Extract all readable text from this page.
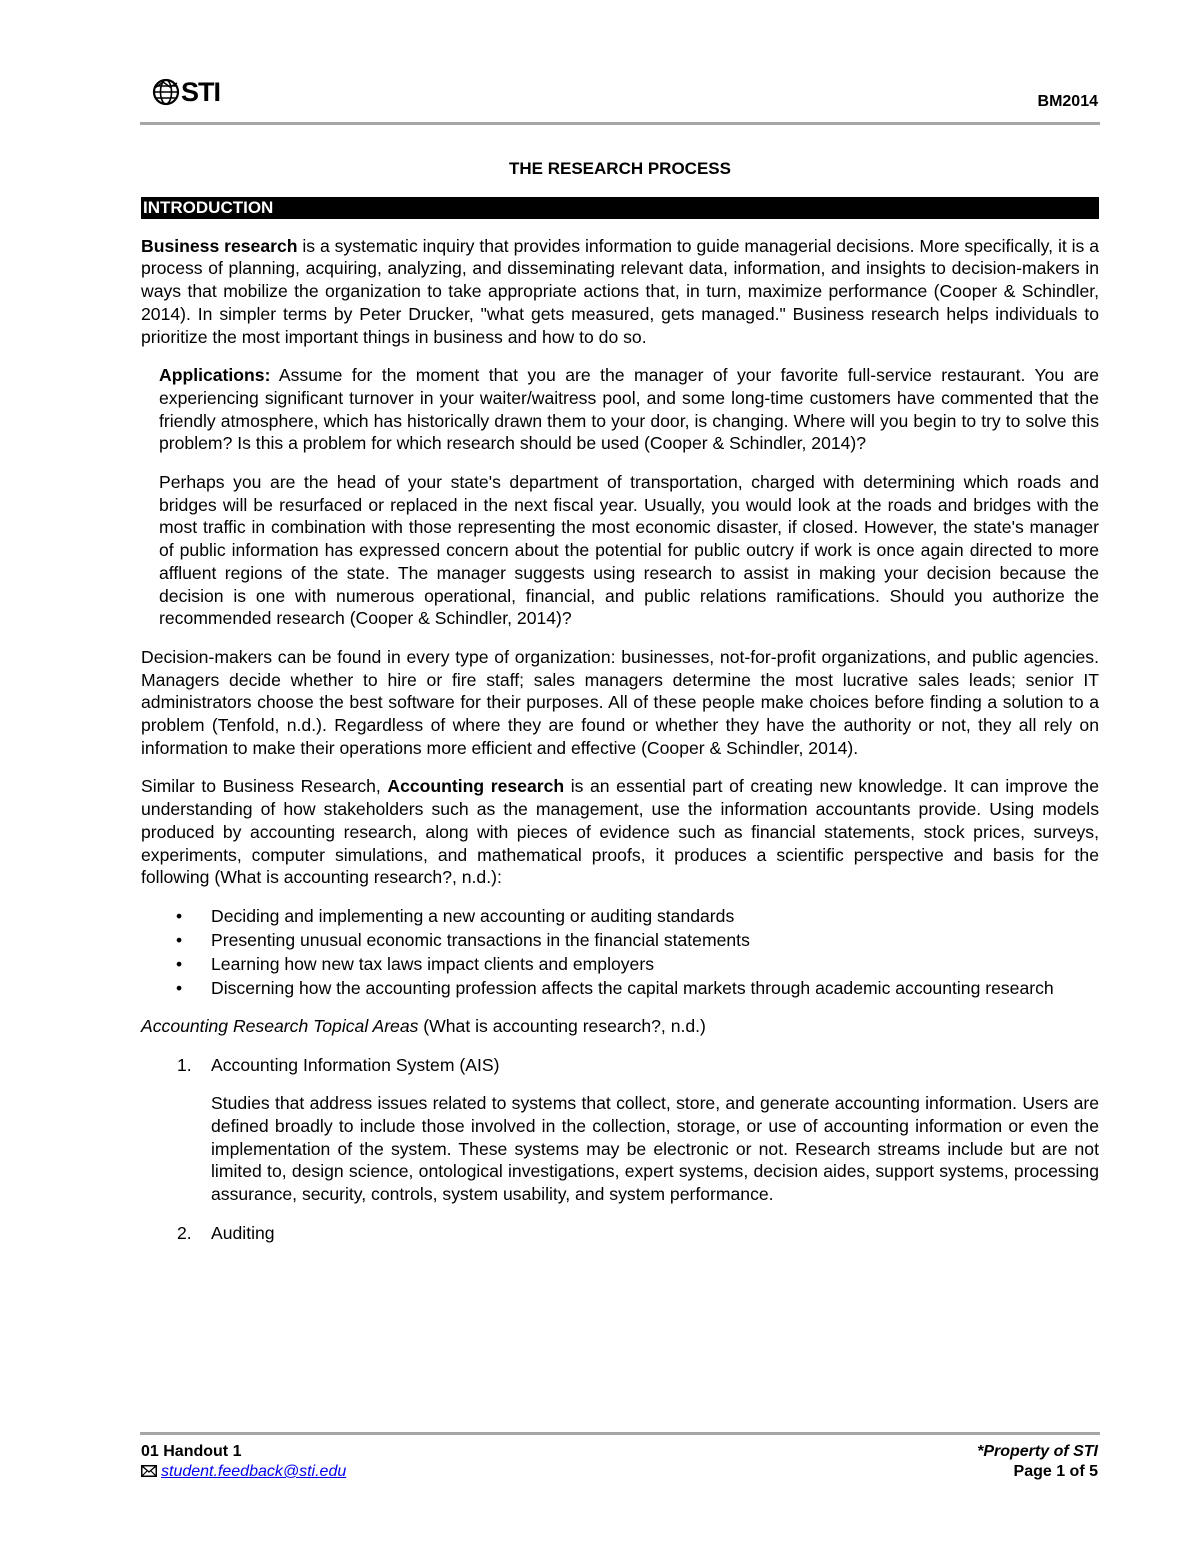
STI	BM2014
THE RESEARCH PROCESS
INTRODUCTION

Business research is a systematic inquiry that provides information to guide managerial decisions. More specifically, it is a process of planning, acquiring, analyzing, and disseminating relevant data, information, and insights to decision-makers in ways that mobilize the organization to take appropriate actions that, in turn, maximize performance (Cooper & Schindler, 2014). In simpler terms by Peter Drucker, "what gets measured, gets managed." Business research helps individuals to prioritize the most important things in business and how to do so.

Applications: Assume for the moment that you are the manager of your favorite full-service restaurant. You are experiencing significant turnover in your waiter/waitress pool, and some long-time customers have commented that the friendly atmosphere, which has historically drawn them to your door, is changing. Where will you begin to try to solve this problem? Is this a problem for which research should be used (Cooper & Schindler, 2014)?

Perhaps you are the head of your state's department of transportation, charged with determining which roads and bridges will be resurfaced or replaced in the next fiscal year. Usually, you would look at the roads and bridges with the most traffic in combination with those representing the most economic disaster, if closed. However, the state's manager of public information has expressed concern about the potential for public outcry if work is once again directed to more affluent regions of the state. The manager suggests using research to assist in making your decision because the decision is one with numerous operational, financial, and public relations ramifications. Should you authorize the recommended research (Cooper & Schindler, 2014)?

Decision-makers can be found in every type of organization: businesses, not-for-profit organizations, and public agencies. Managers decide whether to hire or fire staff; sales managers determine the most lucrative sales leads; senior IT administrators choose the best software for their purposes. All of these people make choices before finding a solution to a problem (Tenfold, n.d.). Regardless of where they are found or whether they have the authority or not, they all rely on information to make their operations more efficient and effective (Cooper & Schindler, 2014).

Similar to Business Research, Accounting research is an essential part of creating new knowledge. It can improve the understanding of how stakeholders such as the management, use the information accountants provide. Using models produced by accounting research, along with pieces of evidence such as financial statements, stock prices, surveys, experiments, computer simulations, and mathematical proofs, it produces a scientific perspective and basis for the following (What is accounting research?, n.d.):

• Deciding and implementing a new accounting or auditing standards
• Presenting unusual economic transactions in the financial statements
• Learning how new tax laws impact clients and employers
• Discerning how the accounting profession affects the capital markets through academic accounting research

Accounting Research Topical Areas (What is accounting research?, n.d.)

1. Accounting Information System (AIS)

Studies that address issues related to systems that collect, store, and generate accounting information. Users are defined broadly to include those involved in the collection, storage, or use of accounting information or even the implementation of the system. These systems may be electronic or not. Research streams include but are not limited to, design science, ontological investigations, expert systems, decision aides, support systems, processing assurance, security, controls, system usability, and system performance.

2. Auditing
01 Handout 1
student.feedback@sti.edu
*Property of STI
Page 1 of 5
